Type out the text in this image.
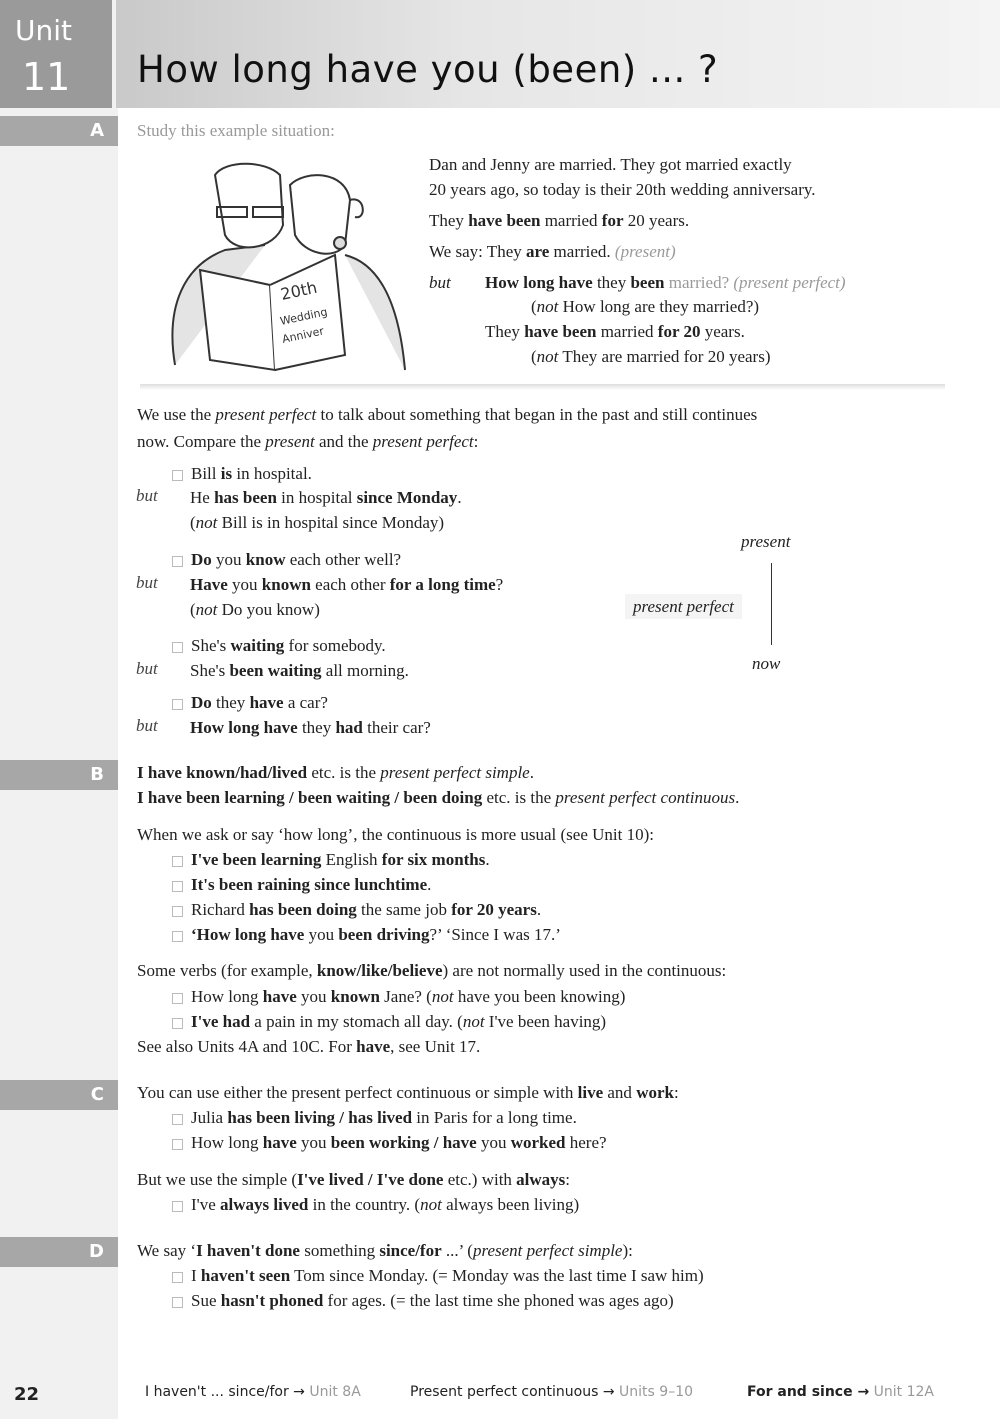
Unit
11 How long have you (been) ... ?
A Study this example situation:
20th
Wedding
Anniver
Dan and Jenny are married. They got married exactly
20 years ago, so today is their 20th wedding anniversary.
They have been married for 20 years.
We say: They are married. (present)
but How long have they been married? (present perfect)
(not How long are they married?)
They have been married for 20 years.
(not They are married for 20 years)
We use the present perfect to talk about something that began in the past and still continues
now. Compare the present and the present perfect:
Bill is in hospital.
but He has been in hospital since Monday.
(not Bill is in hospital since Monday)
Do you know each other well?
but Have you known each other for a long time?
(not Do you know)
She's waiting for somebody.
but She's been waiting all morning.
Do they have a car?
but How long have they had their car?
present
present perfect
now
B I have known/had/lived etc. is the present perfect simple.
I have been learning / been waiting / been doing etc. is the present perfect continuous.
When we ask or say ‘how long’, the continuous is more usual (see Unit 10):
I've been learning English for six months.
It's been raining since lunchtime.
Richard has been doing the same job for 20 years.
‘How long have you been driving?’ ‘Since I was 17.’
Some verbs (for example, know/like/believe) are not normally used in the continuous:
How long have you known Jane? (not have you been knowing)
I've had a pain in my stomach all day. (not I've been having)
See also Units 4A and 10C. For have, see Unit 17.
C You can use either the present perfect continuous or simple with live and work:
Julia has been living / has lived in Paris for a long time.
How long have you been working / have you worked here?
But we use the simple (I've lived / I've done etc.) with always:
I've always lived in the country. (not always been living)
D We say ‘I haven't done something since/for ...’ (present perfect simple):
I haven't seen Tom since Monday. (= Monday was the last time I saw him)
Sue hasn't phoned for ages. (= the last time she phoned was ages ago)
22	I haven't ... since/for → Unit 8A	Present perfect continuous → Units 9–10	For and since → Unit 12A
